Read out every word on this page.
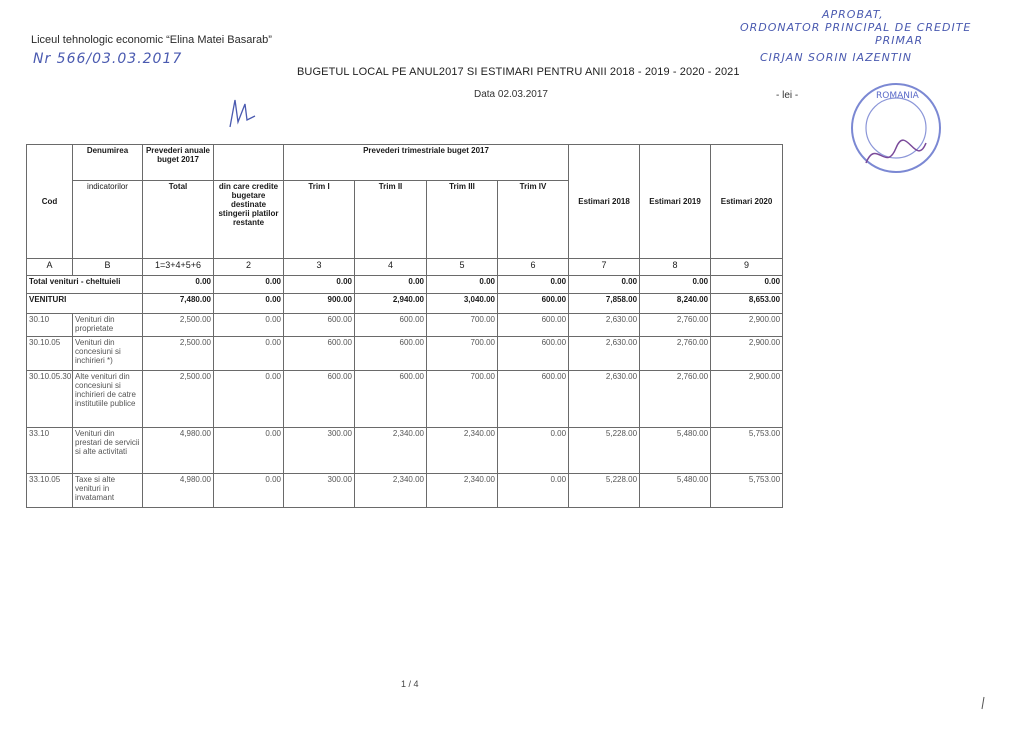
Liceul tehnologic economic “Elina Matei Basarab”
Nr 566/03.03.2017
APROBAT,
ORDONATOR PRINCIPAL DE CREDITE
PRIMAR
CIRJAN SORIN IAZENTIN
ROMANIA
BUGETUL LOCAL PE ANUL2017 SI ESTIMARI PENTRU ANII 2018 - 2019 - 2020 - 2021
Data 02.03.2017	- lei -
Cod	Denumirea	Prevederi anuale buget 2017		Prevederi trimestriale buget 2017				Estimari 2018	Estimari 2019	Estimari 2020
	indicatorilor	Total	din care credite bugetare destinate stingerii platilor restante	Trim I	Trim II	Trim III	Trim IV			
A	B	1=3+4+5+6	2	3	4	5	6	7	8	9
Total venituri - cheltuieli		0.00	0.00	0.00	0.00	0.00	0.00	0.00	0.00	0.00
VENITURI		7,480.00	0.00	900.00	2,940.00	3,040.00	600.00	7,858.00	8,240.00	8,653.00
30.10	Venituri din proprietate	2,500.00	0.00	600.00	600.00	700.00	600.00	2,630.00	2,760.00	2,900.00
30.10.05	Venituri din concesiuni si inchirieri *)	2,500.00	0.00	600.00	600.00	700.00	600.00	2,630.00	2,760.00	2,900.00
30.10.05.30	Alte venituri din concesiuni si inchirieri de catre institutiile publice	2,500.00	0.00	600.00	600.00	700.00	600.00	2,630.00	2,760.00	2,900.00
33.10	Venituri din prestari de servicii si alte activitati	4,980.00	0.00	300.00	2,340.00	2,340.00	0.00	5,228.00	5,480.00	5,753.00
33.10.05	Taxe si alte venituri in invatamant	4,980.00	0.00	300.00	2,340.00	2,340.00	0.00	5,228.00	5,480.00	5,753.00
1 / 4
